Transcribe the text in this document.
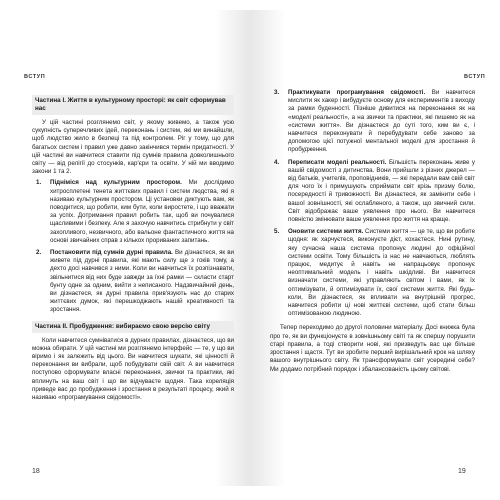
ВСТУП
Частина І. Життя в культурному просторі: як світ сформував нас

У цій частині розглянемо світ, у якому живемо, а також усю сукупність суперечливих ідей, переконань і систем, які ми винайшли, щоб людство жило в безпеці та під контролем. Ріг у тому, що для багатьох систем і правил уже давно закінчився термін придатності. У цій частині ви навчитеся ставити під сумнів правила довколишнього світу — від релігії до стосунків, кар'єри та освіти. У ній ми вводимо закони 1 та 2.

1. Підніміся над культурним простором. Ми дослідимо хитросплетені тенета життєвих правил і систем людства, які я називаю культурним простором. Ці установки диктують вам, як поводитися, що робити, ким бути, коли виростете, і що вважати за успіх. Дотримання правил робить так, щоб ви почувалися щасливими і безпеку. Але я захочую навчитись стрибнути у світ захопливого, незвичного, або вальоне фантастичного життя на основі звичайних справ з кількох прориваних запитань.
2. Постановити під сумнів дурні правила. Ви дізнаєтеся, як ви живете під дурні правила, які мають силу ще з гоків тому, а дехто досі навчився з ними. Коли ви навчиться їх розпізнавати, звільнитися від них буде завжди за їхні рамки — скласти старт бунту одне за одним, вийти з неписаного. Надзвичайний день, ви дізнаєтеся, як дурні правила прив'язують нас до старих життєвих думок, які перешкоджають нашій креативності та зростання.
Частина ІІ. Пробудження: вибираємо свою версію світу

Коли навчитеся сумніватися в дурних правилах, дізнаєтеся, що ви можна обирати. У цій частині ми розглянемо інтерфейс — те, у що ви віримо і як залежить від цього. Ви навчитеся шукати, які цінності й переконання ви вибрали, щоб побудувати свій світ. А ви навчитеся поступово сформувати власні переконання, звички та практики, які вплинуть на ваш світ і що ви відчуваєте щодня. Така кореляція приведе вас до пробудження і зростання в результаті процесу, який я називаю «програмування свідомості».

18
ВСТУП
3. Практикувати програмування свідомості. Ви навчитеся мислити як хакер і вибудуєте основу для експериментів з виходу за рамки буденності. Пізніше дивитися на переконання як на «моделі реальності», а на звички та практики, які пишемо як на «системи життя». Ви дізнаєтеся до суті того, ким ви є, і навчитеся переконувати й перебудувати себе заново за допомогою цієї потужної ментальної моделі для зростання й пробудження.
4. Переписати моделі реальності. Більшість переконань живе у вашій свідомості з дитинства. Вони прийшли з різних джерел — від батьків, учителів, проповідників, — які передали вам свій світ для чого їх і примушують сприймати світ крізь призму болю, посередності й тривожності. Ви дізнаєтеся, як замінити себе і вашої зовнішності, які ослабленого, а також, що звичний сили. Світ відображає ваше уявлення про нього. Ви навчитеся повністю змінювати ваше уявлення про життя на краще.
5. Оновити системи життя. Системи життя — це те, що ви робите щодня: як харчуєтеся, виконуєте дієт, кохаєтеся. Нині рутину, яку сучасна наша система пропонує людині до офіційної системи освіти. Тому більшість із нас не навчаються, люблять працює, медитує й навіть не напрацьовує пропонує неоптимальний модель і навіть шкідливі. Ви навчитеся визначати системи, які управляють світом і вами, як їх оптимізувати, й оптимізувати їх, свої системи життя. Які будь-коли, Ви дізнаєтеся, як впливати на внутрішній прогрес, навчитеся робити ці нові життєві системи, щоб стати більш оптимізованою людиною.

Тепер переходимо до другої половини матеріалу. Досі книжка була про те, як ви функціонуєте в зовнішньому світі та як спершу порушити старі правила, а тоді створити нові, які призведуть вас ще більше зростання і щастя. Тут ви зробите перший вирішальний крок на шляху вашого внутрішнього світу. Як трансформувати світ усередині себе? Ми додамо потрібний порядок і збалансованість цьому світові.

19
